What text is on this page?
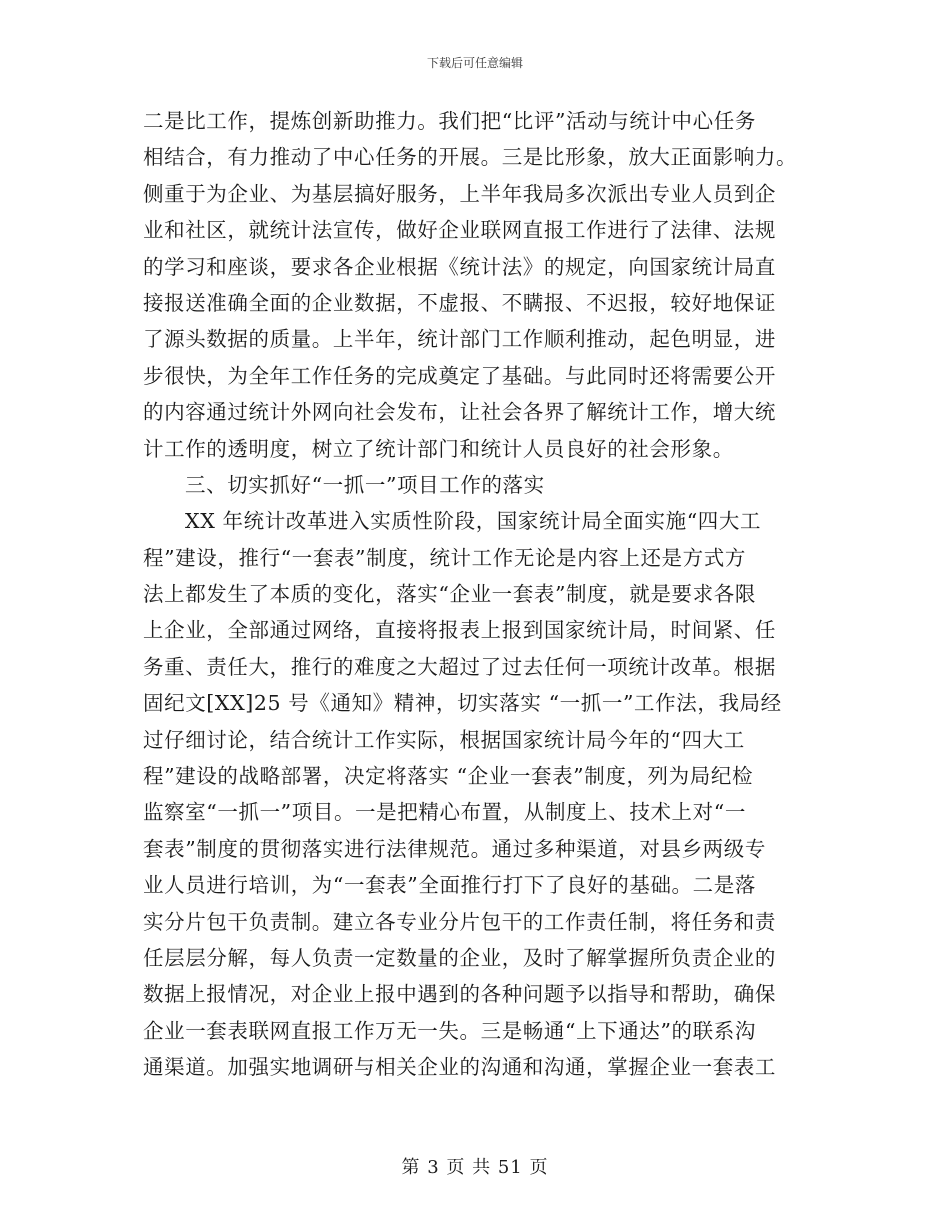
下载后可任意编辑
二是比工作，提炼创新助推力。我们把“比评”活动与统计中心任务
相结合，有力推动了中心任务的开展。三是比形象，放大正面影响力。
侧重于为企业、为基层搞好服务，上半年我局多次派出专业人员到企
业和社区，就统计法宣传，做好企业联网直报工作进行了法律、法规
的学习和座谈，要求各企业根据《统计法》的规定，向国家统计局直
接报送准确全面的企业数据，不虚报、不瞒报、不迟报，较好地保证
了源头数据的质量。上半年，统计部门工作顺利推动，起色明显，进
步很快，为全年工作任务的完成奠定了基础。与此同时还将需要公开
的内容通过统计外网向社会发布，让社会各界了解统计工作，增大统
计工作的透明度，树立了统计部门和统计人员良好的社会形象。
三、切实抓好“一抓一”项目工作的落实
XX 年统计改革进入实质性阶段，国家统计局全面实施“四大工
程”建设，推行“一套表”制度，统计工作无论是内容上还是方式方
法上都发生了本质的变化，落实“企业一套表”制度，就是要求各限
上企业，全部通过网络，直接将报表上报到国家统计局，时间紧、任
务重、责任大，推行的难度之大超过了过去任何一项统计改革。根据
固纪文[XX]25 号《通知》精神，切实落实 “一抓一”工作法，我局经
过仔细讨论，结合统计工作实际，根据国家统计局今年的“四大工
程”建设的战略部署，决定将落实 “企业一套表”制度，列为局纪检
监察室“一抓一”项目。一是把精心布置，从制度上、技术上对“一
套表”制度的贯彻落实进行法律规范。通过多种渠道，对县乡两级专
业人员进行培训，为“一套表”全面推行打下了良好的基础。二是落
实分片包干负责制。建立各专业分片包干的工作责任制，将任务和责
任层层分解，每人负责一定数量的企业，及时了解掌握所负责企业的
数据上报情况，对企业上报中遇到的各种问题予以指导和帮助，确保
企业一套表联网直报工作万无一失。三是畅通“上下通达”的联系沟
通渠道。加强实地调研与相关企业的沟通和沟通，掌握企业一套表工
第 3 页 共 51 页
